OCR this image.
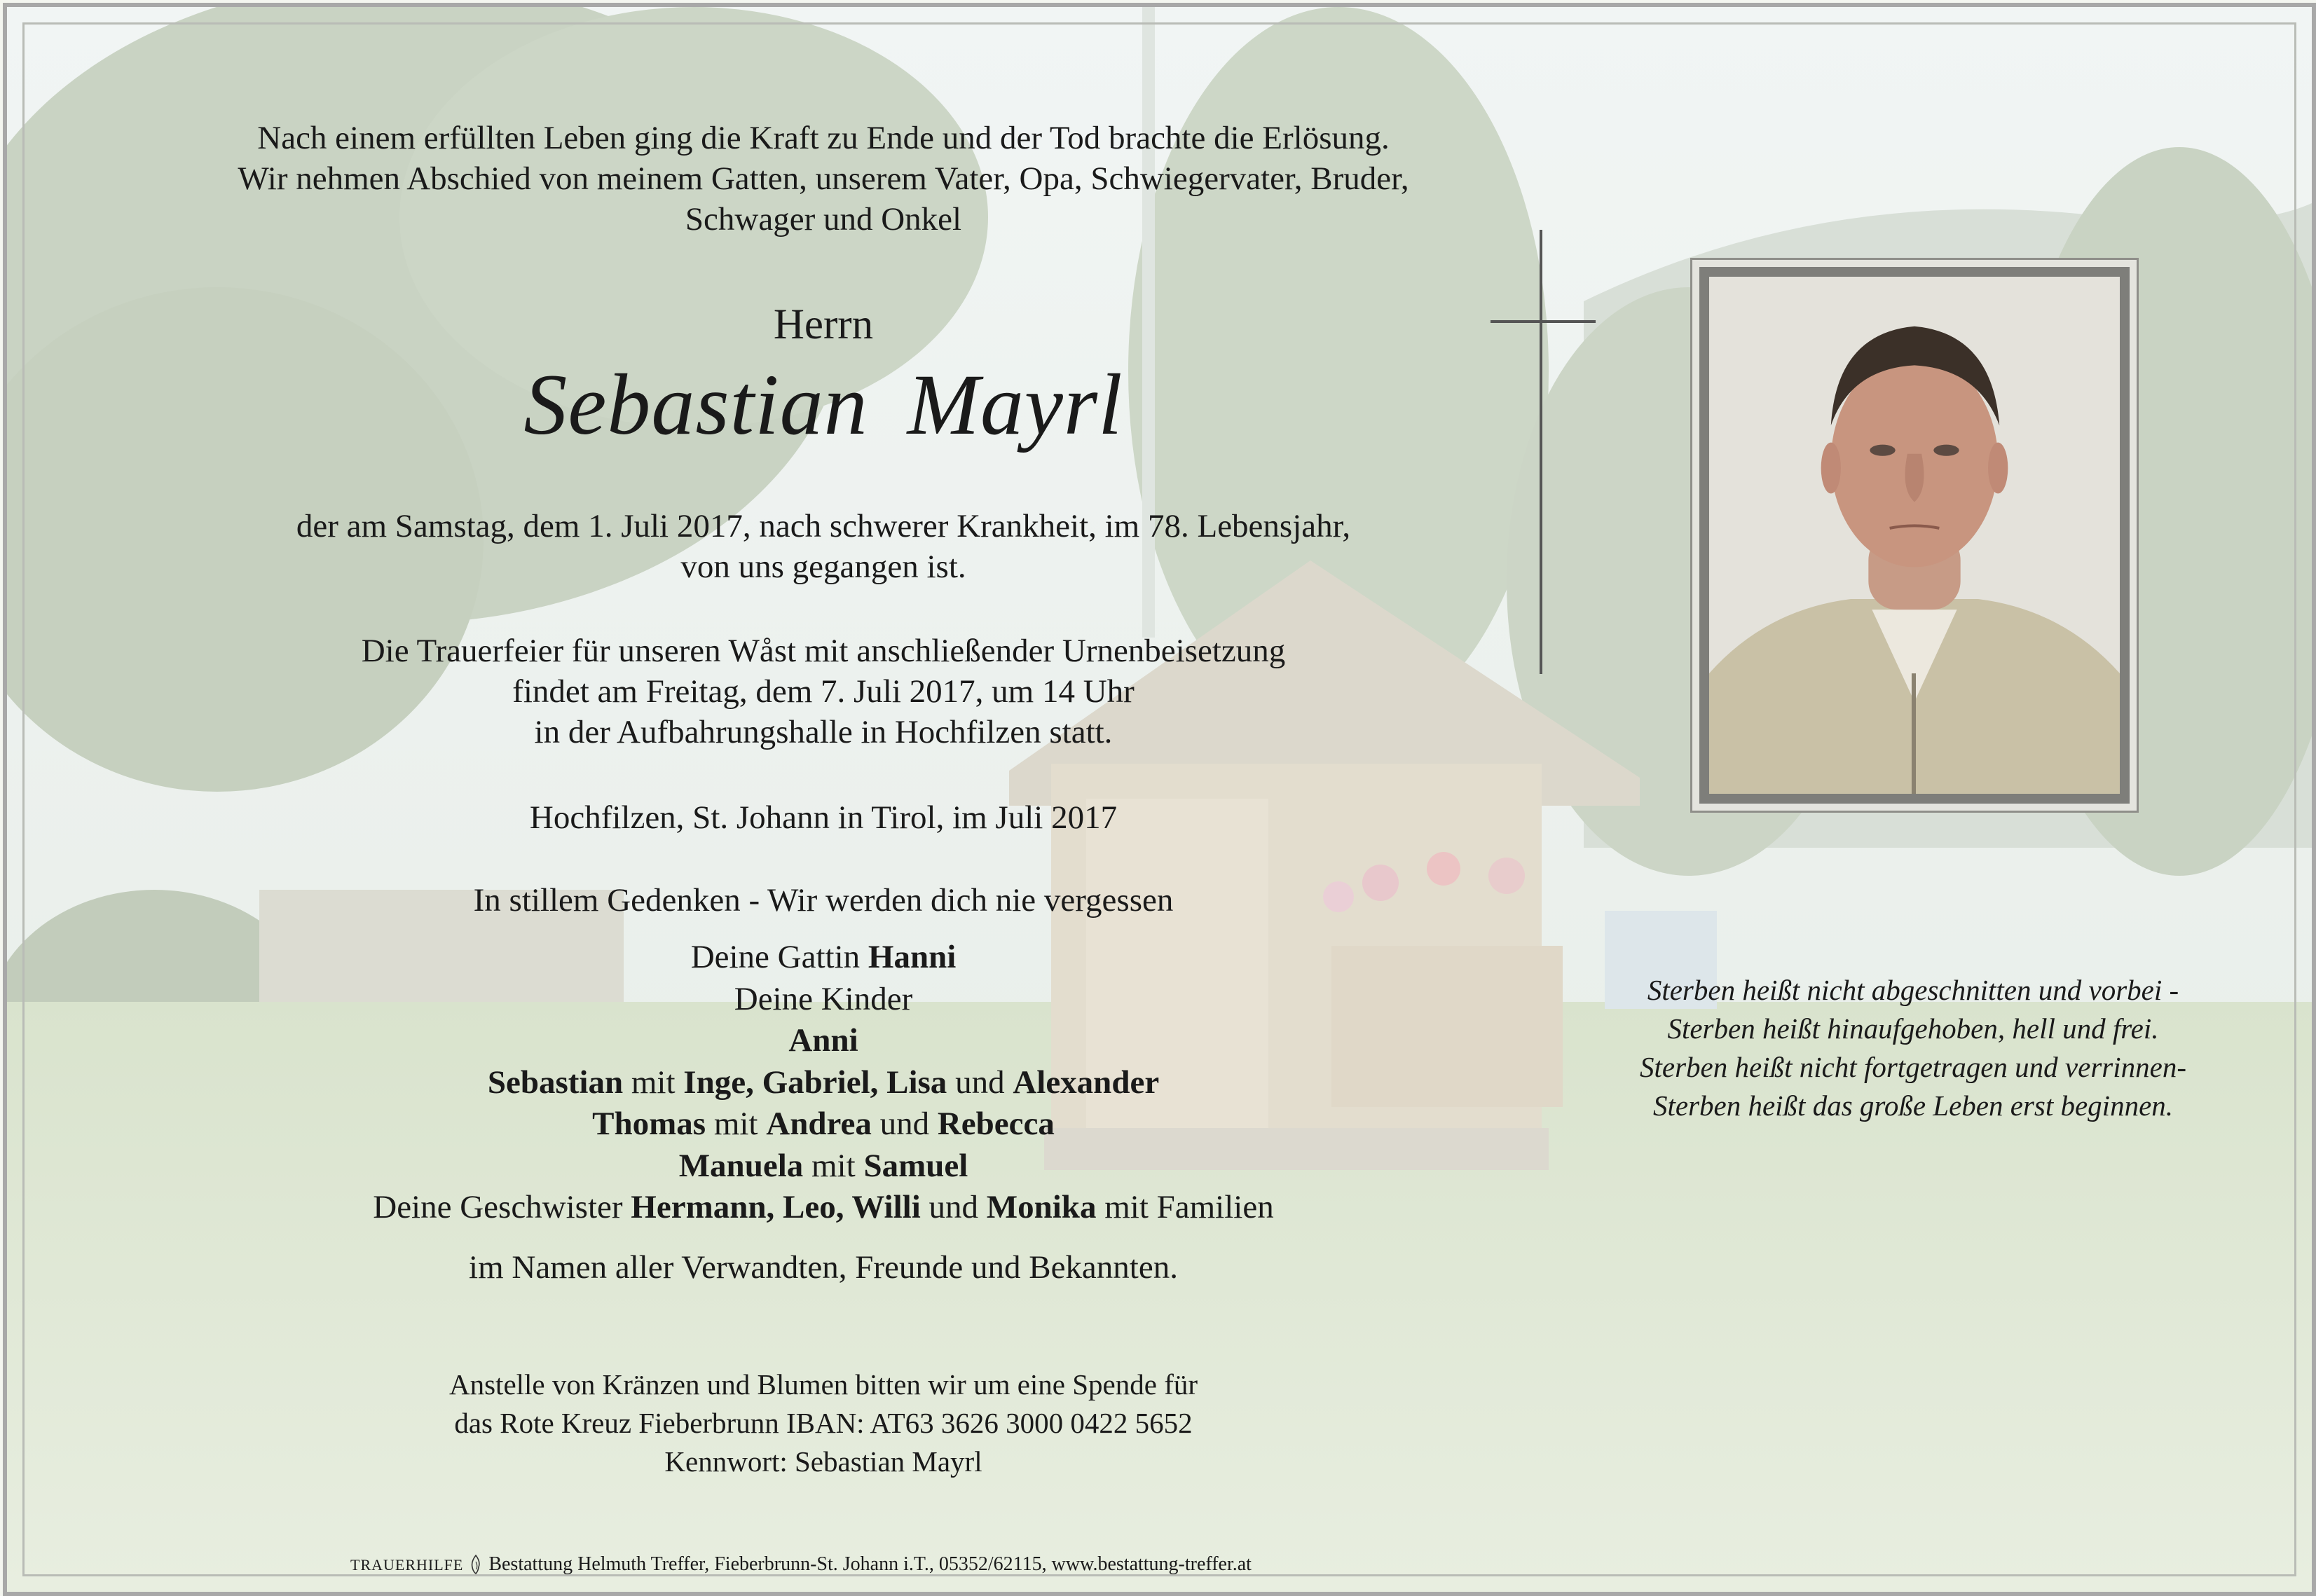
Nach einem erfüllten Leben ging die Kraft zu Ende und der Tod brachte die Erlösung.
Wir nehmen Abschied von meinem Gatten, unserem Vater, Opa, Schwiegervater, Bruder,
Schwager und Onkel
Herrn
Sebastian Mayrl
der am Samstag, dem 1. Juli 2017, nach schwerer Krankheit, im 78. Lebensjahr,
von uns gegangen ist.
Die Trauerfeier für unseren Wåst mit anschließender Urnenbeisetzung
findet am Freitag, dem 7. Juli 2017, um 14 Uhr
in der Aufbahrungshalle in Hochfilzen statt.
Hochfilzen, St. Johann in Tirol, im Juli 2017
In stillem Gedenken - Wir werden dich nie vergessen
Deine Gattin Hanni
Deine Kinder
Anni
Sebastian mit Inge, Gabriel, Lisa und Alexander
Thomas mit Andrea und Rebecca
Manuela mit Samuel
Deine Geschwister Hermann, Leo, Willi und Monika mit Familien
im Namen aller Verwandten, Freunde und Bekannten.
Anstelle von Kränzen und Blumen bitten wir um eine Spende für
das Rote Kreuz Fieberbrunn IBAN: AT63 3626 3000 0422 5652
Kennwort: Sebastian Mayrl
Sterben heißt nicht abgeschnitten und vorbei -
Sterben heißt hinaufgehoben, hell und frei.
Sterben heißt nicht fortgetragen und verrinnen-
Sterben heißt das große Leben erst beginnen.
TRAUERHILFE Bestattung Helmuth Treffer, Fieberbrunn-St. Johann i.T., 05352/62115, www.bestattung-treffer.at
